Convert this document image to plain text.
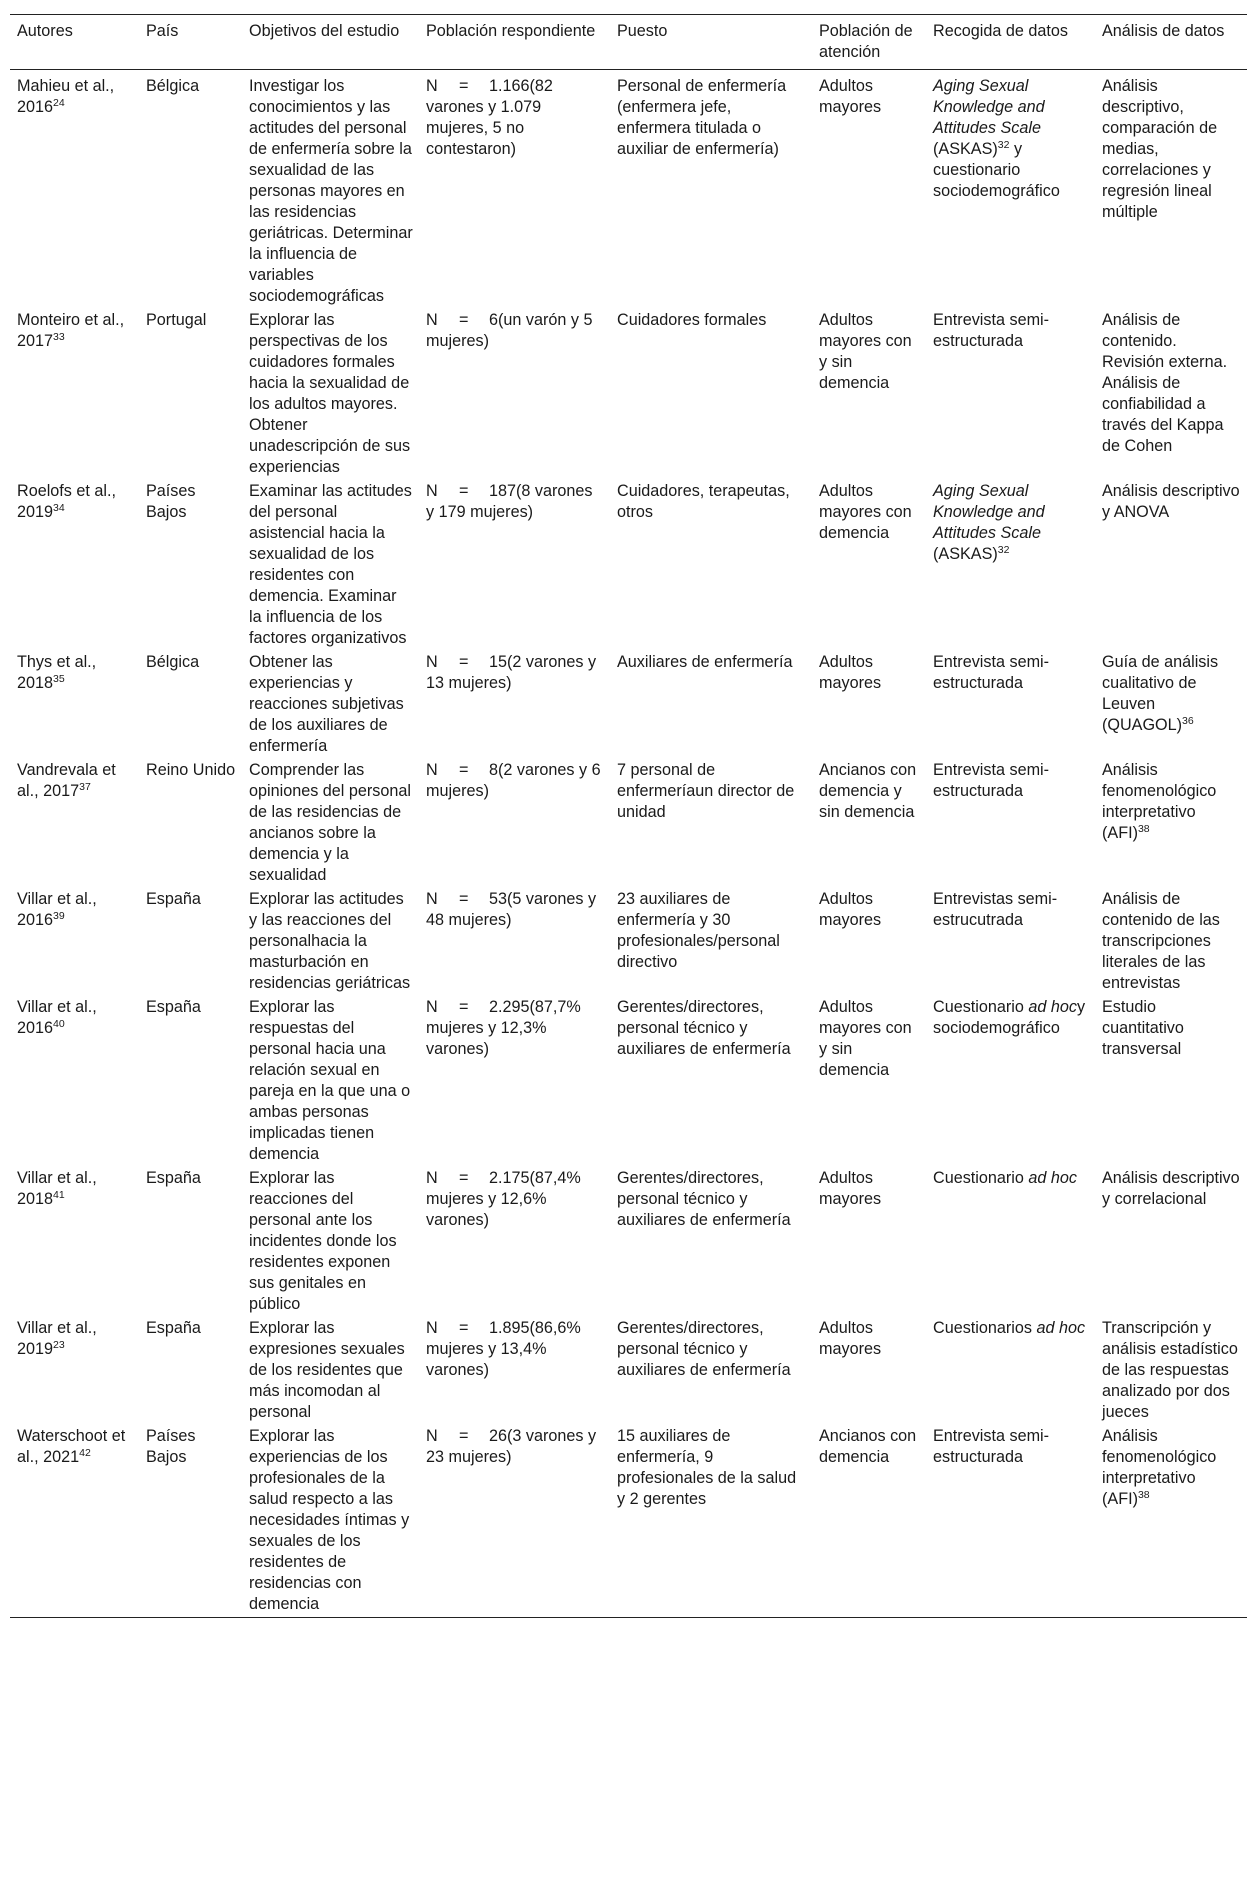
Autores	País	Objetivos del estudio	Población respondiente	Puesto	Población de atención	Recogida de datos	Análisis de datos
Mahieu et al., 2016$^{24}$	Bélgica	Investigar los conocimientos y las actitudes del personal de enfermería sobre la sexualidad de las personas mayores en las residencias geriátricas. Determinar la influencia de variables sociodemográficas	N = 1.166(82 varones y 1.079 mujeres, 5 no contestaron)	Personal de enfermería (enfermera jefe, enfermera titulada o auxiliar de enfermería)	Adultos mayores	Aging Sexual Knowledge and Attitudes Scale (ASKAS)$^{32}$ y cuestionario sociodemográfico	Análisis descriptivo, comparación de medias, correlaciones y regresión lineal múltiple
Monteiro et al., 2017$^{33}$	Portugal	Explorar las perspectivas de los cuidadores formales hacia la sexualidad de los adultos mayores. Obtener unadescripción de sus experiencias	N = 6(un varón y 5 mujeres)	Cuidadores formales	Adultos mayores con y sin demencia	Entrevista semi-estructurada	Análisis de contenido. Revisión externa. Análisis de confiabilidad a través del Kappa de Cohen
Roelofs et al., 2019$^{34}$	Países Bajos	Examinar las actitudes del personal asistencial hacia la sexualidad de los residentes con demencia. Examinar la influencia de los factores organizativos	N = 187(8 varones y 179 mujeres)	Cuidadores, terapeutas, otros	Adultos mayores con demencia	Aging Sexual Knowledge and Attitudes Scale (ASKAS)$^{32}$	Análisis descriptivo y ANOVA
Thys et al., 2018$^{35}$	Bélgica	Obtener las experiencias y reacciones subjetivas de los auxiliares de enfermería	N = 15(2 varones y 13 mujeres)	Auxiliares de enfermería	Adultos mayores	Entrevista semi-estructurada	Guía de análisis cualitativo de Leuven (QUAGOL)$^{36}$
Vandrevala et al., 2017$^{37}$	Reino Unido	Comprender las opiniones del personal de las residencias de ancianos sobre la demencia y la sexualidad	N = 8(2 varones y 6 mujeres)	7 personal de enfermeríaun director de unidad	Ancianos con demencia y sin demencia	Entrevista semi-estructurada	Análisis fenomenológico interpretativo (AFI)$^{38}$
Villar et al., 2016$^{39}$	España	Explorar las actitudes y las reacciones del personalhacia la masturbación en residencias geriátricas	N = 53(5 varones y 48 mujeres)	23 auxiliares de enfermería y 30 profesionales/personal directivo	Adultos mayores	Entrevistas semi-estrucutrada	Análisis de contenido de las transcripciones literales de las entrevistas
Villar et al., 2016$^{40}$	España	Explorar las respuestas del personal hacia una relación sexual en pareja en la que una o ambas personas implicadas tienen demencia	N = 2.295(87,7% mujeres y 12,3% varones)	Gerentes/directores, personal técnico y auxiliares de enfermería	Adultos mayores con y sin demencia	Cuestionario ad hocy sociodemográfico	Estudio cuantitativo transversal
Villar et al., 2018$^{41}$	España	Explorar las reacciones del personal ante los incidentes donde los residentes exponen sus genitales en público	N = 2.175(87,4% mujeres y 12,6% varones)	Gerentes/directores, personal técnico y auxiliares de enfermería	Adultos mayores	Cuestionario ad hoc	Análisis descriptivo y correlacional
Villar et al., 2019$^{23}$	España	Explorar las expresiones sexuales de los residentes que más incomodan al personal	N = 1.895(86,6% mujeres y 13,4% varones)	Gerentes/directores, personal técnico y auxiliares de enfermería	Adultos mayores	Cuestionarios ad hoc	Transcripción y análisis estadístico de las respuestas analizado por dos jueces
Waterschoot et al., 2021$^{42}$	Países Bajos	Explorar las experiencias de los profesionales de la salud respecto a las necesidades íntimas y sexuales de los residentes de residencias con demencia	N = 26(3 varones y 23 mujeres)	15 auxiliares de enfermería, 9 profesionales de la salud y 2 gerentes	Ancianos con demencia	Entrevista semi-estructurada	Análisis fenomenológico interpretativo (AFI)$^{38}$
